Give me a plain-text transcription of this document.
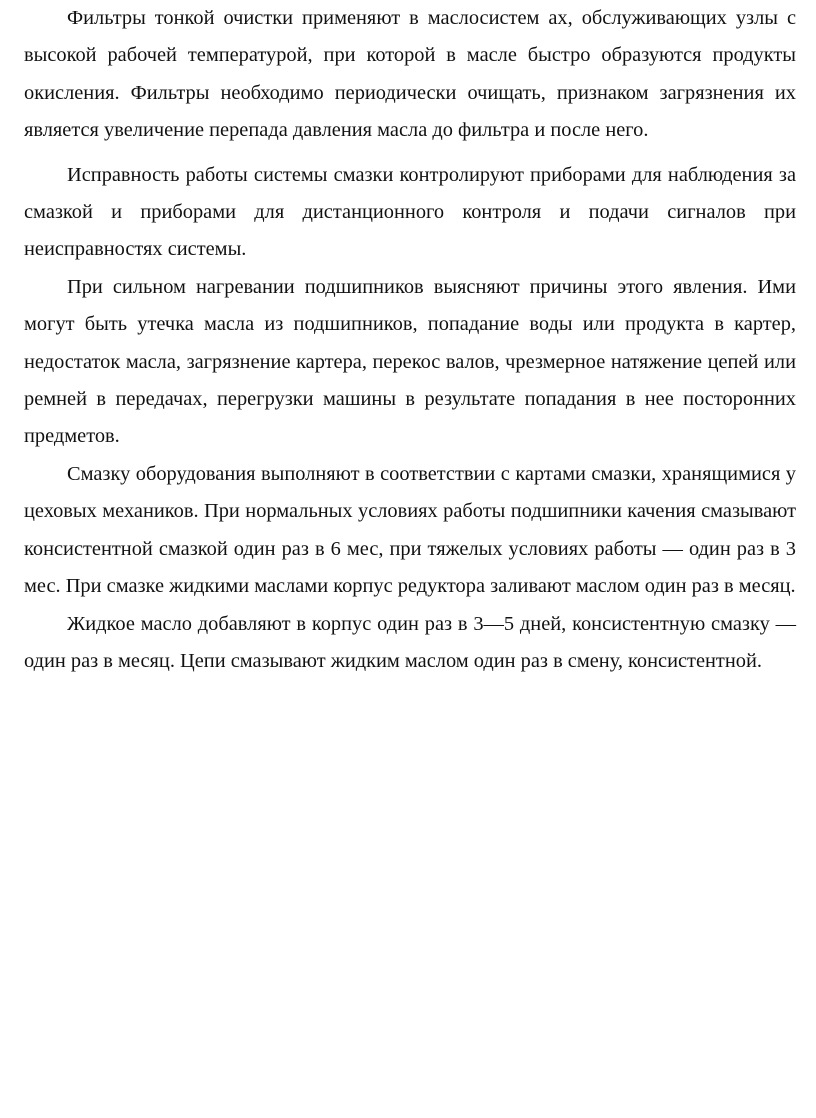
Фильтры тонкой очистки применяют в маслосистем ах, обслуживающих узлы с высокой рабочей температурой, при которой в масле быстро образуются продукты окисления. Фильтры необходимо периодически очищать, признаком загрязнения их является увеличение перепада давления масла до фильтра и после него.

Исправность работы системы смазки контролируют приборами для наблюдения за смазкой и приборами для дистанционного контроля и подачи сигналов при неисправностях системы.

При сильном нагревании подшипников выясняют причины этого явления. Ими могут быть утечка масла из подшипников, попадание воды или продукта в картер, недостаток масла, загрязнение картера, перекос валов, чрезмерное натяжение цепей или ремней в передачах, перегрузки машины в результате попадания в нее посторонних предметов.

Смазку оборудования выполняют в соответствии с картами смазки, хранящимися у цеховых механиков. При нормальных условиях работы подшипники качения смазывают консистентной смазкой один раз в 6 мес, при тяжелых условиях работы — один раз в 3 мес. При смазке жидкими маслами корпус редуктора заливают маслом один раз в месяц.

Жидкое масло добавляют в корпус один раз в 3—5 дней, консистентную смазку — один раз в месяц. Цепи смазывают жидким маслом один раз в смену, консистентной.
